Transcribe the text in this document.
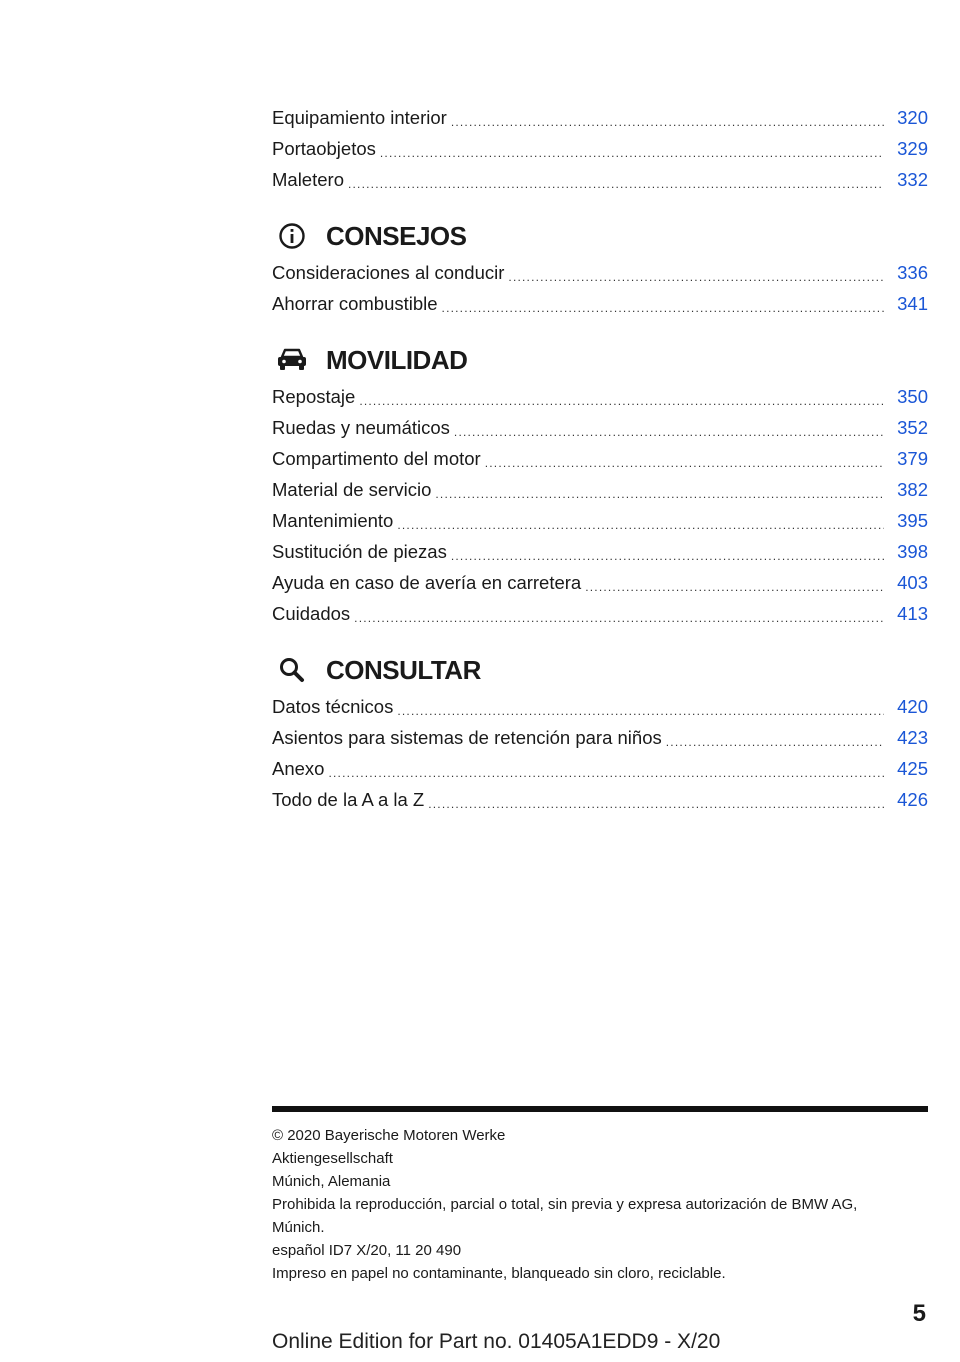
Equipamiento interior .....	320
Portaobjetos .....	329
Maletero .....	332
CONSEJOS
Consideraciones al conducir .....	336
Ahorrar combustible .....	341
MOVILIDAD
Repostaje .....	350
Ruedas y neumáticos .....	352
Compartimento del motor .....	379
Material de servicio .....	382
Mantenimiento .....	395
Sustitución de piezas .....	398
Ayuda en caso de avería en carretera .....	403
Cuidados .....	413
CONSULTAR
Datos técnicos .....	420
Asientos para sistemas de retención para niños .....	423
Anexo .....	425
Todo de la A a la Z .....	426
© 2020 Bayerische Motoren Werke
Aktiengesellschaft
Múnich, Alemania
Prohibida la reproducción, parcial o total, sin previa y expresa autorización de BMW AG,
Múnich.
español ID7 X/20, 11 20 490
Impreso en papel no contaminante, blanqueado sin cloro, reciclable.
5
Online Edition for Part no. 01405A1EDD9 - X/20
